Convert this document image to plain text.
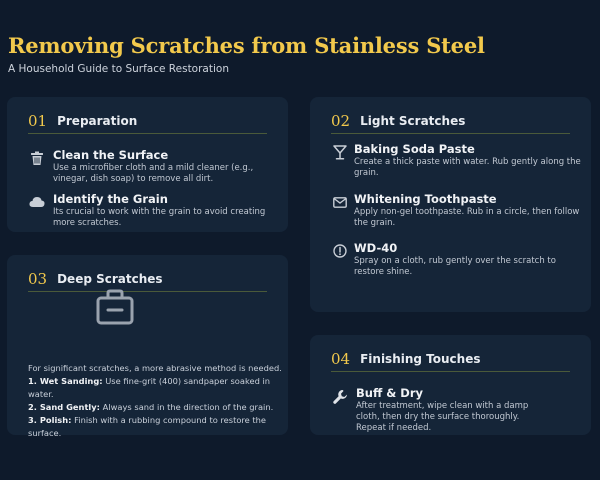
Removing Scratches from Stainless Steel
A Household Guide to Surface Restoration
01 Preparation
Clean the Surface
Use a microfiber cloth and a mild cleaner (e.g., vinegar, dish soap) to remove all dirt.
Identify the Grain
Its crucial to work with the grain to avoid creating more scratches.
02 Light Scratches
Baking Soda Paste
Create a thick paste with water. Rub gently along the grain.
Whitening Toothpaste
Apply non-gel toothpaste. Rub in a circle, then follow the grain.
WD-40
Spray on a cloth, rub gently over the scratch to restore shine.
03 Deep Scratches
For significant scratches, a more abrasive method is needed.
1. Wet Sanding: Use fine-grit (400) sandpaper soaked in water.
2. Sand Gently: Always sand in the direction of the grain.
3. Polish: Finish with a rubbing compound to restore the surface.
04 Finishing Touches
Buff & Dry
After treatment, wipe clean with a damp cloth, then dry the surface thoroughly. Repeat if needed.
